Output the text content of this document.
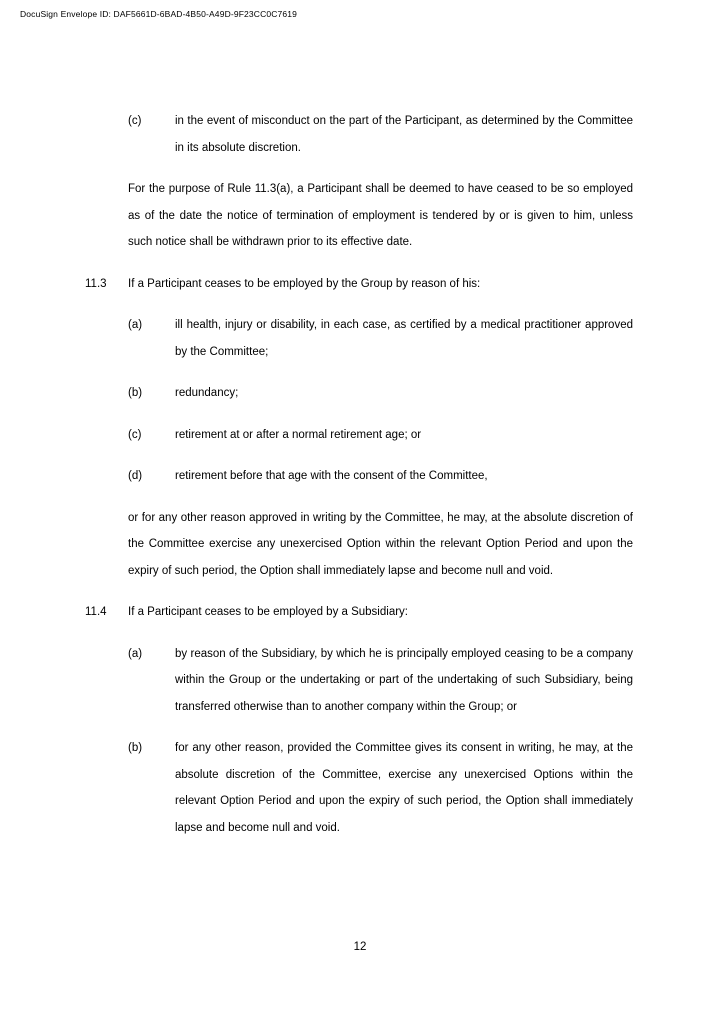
DocuSign Envelope ID: DAF5661D-6BAD-4B50-A49D-9F23CC0C7619
(c)	in the event of misconduct on the part of the Participant, as determined by the Committee in its absolute discretion.
For the purpose of Rule 11.3(a), a Participant shall be deemed to have ceased to be so employed as of the date the notice of termination of employment is tendered by or is given to him, unless such notice shall be withdrawn prior to its effective date.
11.3	If a Participant ceases to be employed by the Group by reason of his:
(a)	ill health, injury or disability, in each case, as certified by a medical practitioner approved by the Committee;
(b)	redundancy;
(c)	retirement at or after a normal retirement age; or
(d)	retirement before that age with the consent of the Committee,
or for any other reason approved in writing by the Committee, he may, at the absolute discretion of the Committee exercise any unexercised Option within the relevant Option Period and upon the expiry of such period, the Option shall immediately lapse and become null and void.
11.4	If a Participant ceases to be employed by a Subsidiary:
(a)	by reason of the Subsidiary, by which he is principally employed ceasing to be a company within the Group or the undertaking or part of the undertaking of such Subsidiary, being transferred otherwise than to another company within the Group; or
(b)	for any other reason, provided the Committee gives its consent in writing, he may, at the absolute discretion of the Committee, exercise any unexercised Options within the relevant Option Period and upon the expiry of such period, the Option shall immediately lapse and become null and void.
12
